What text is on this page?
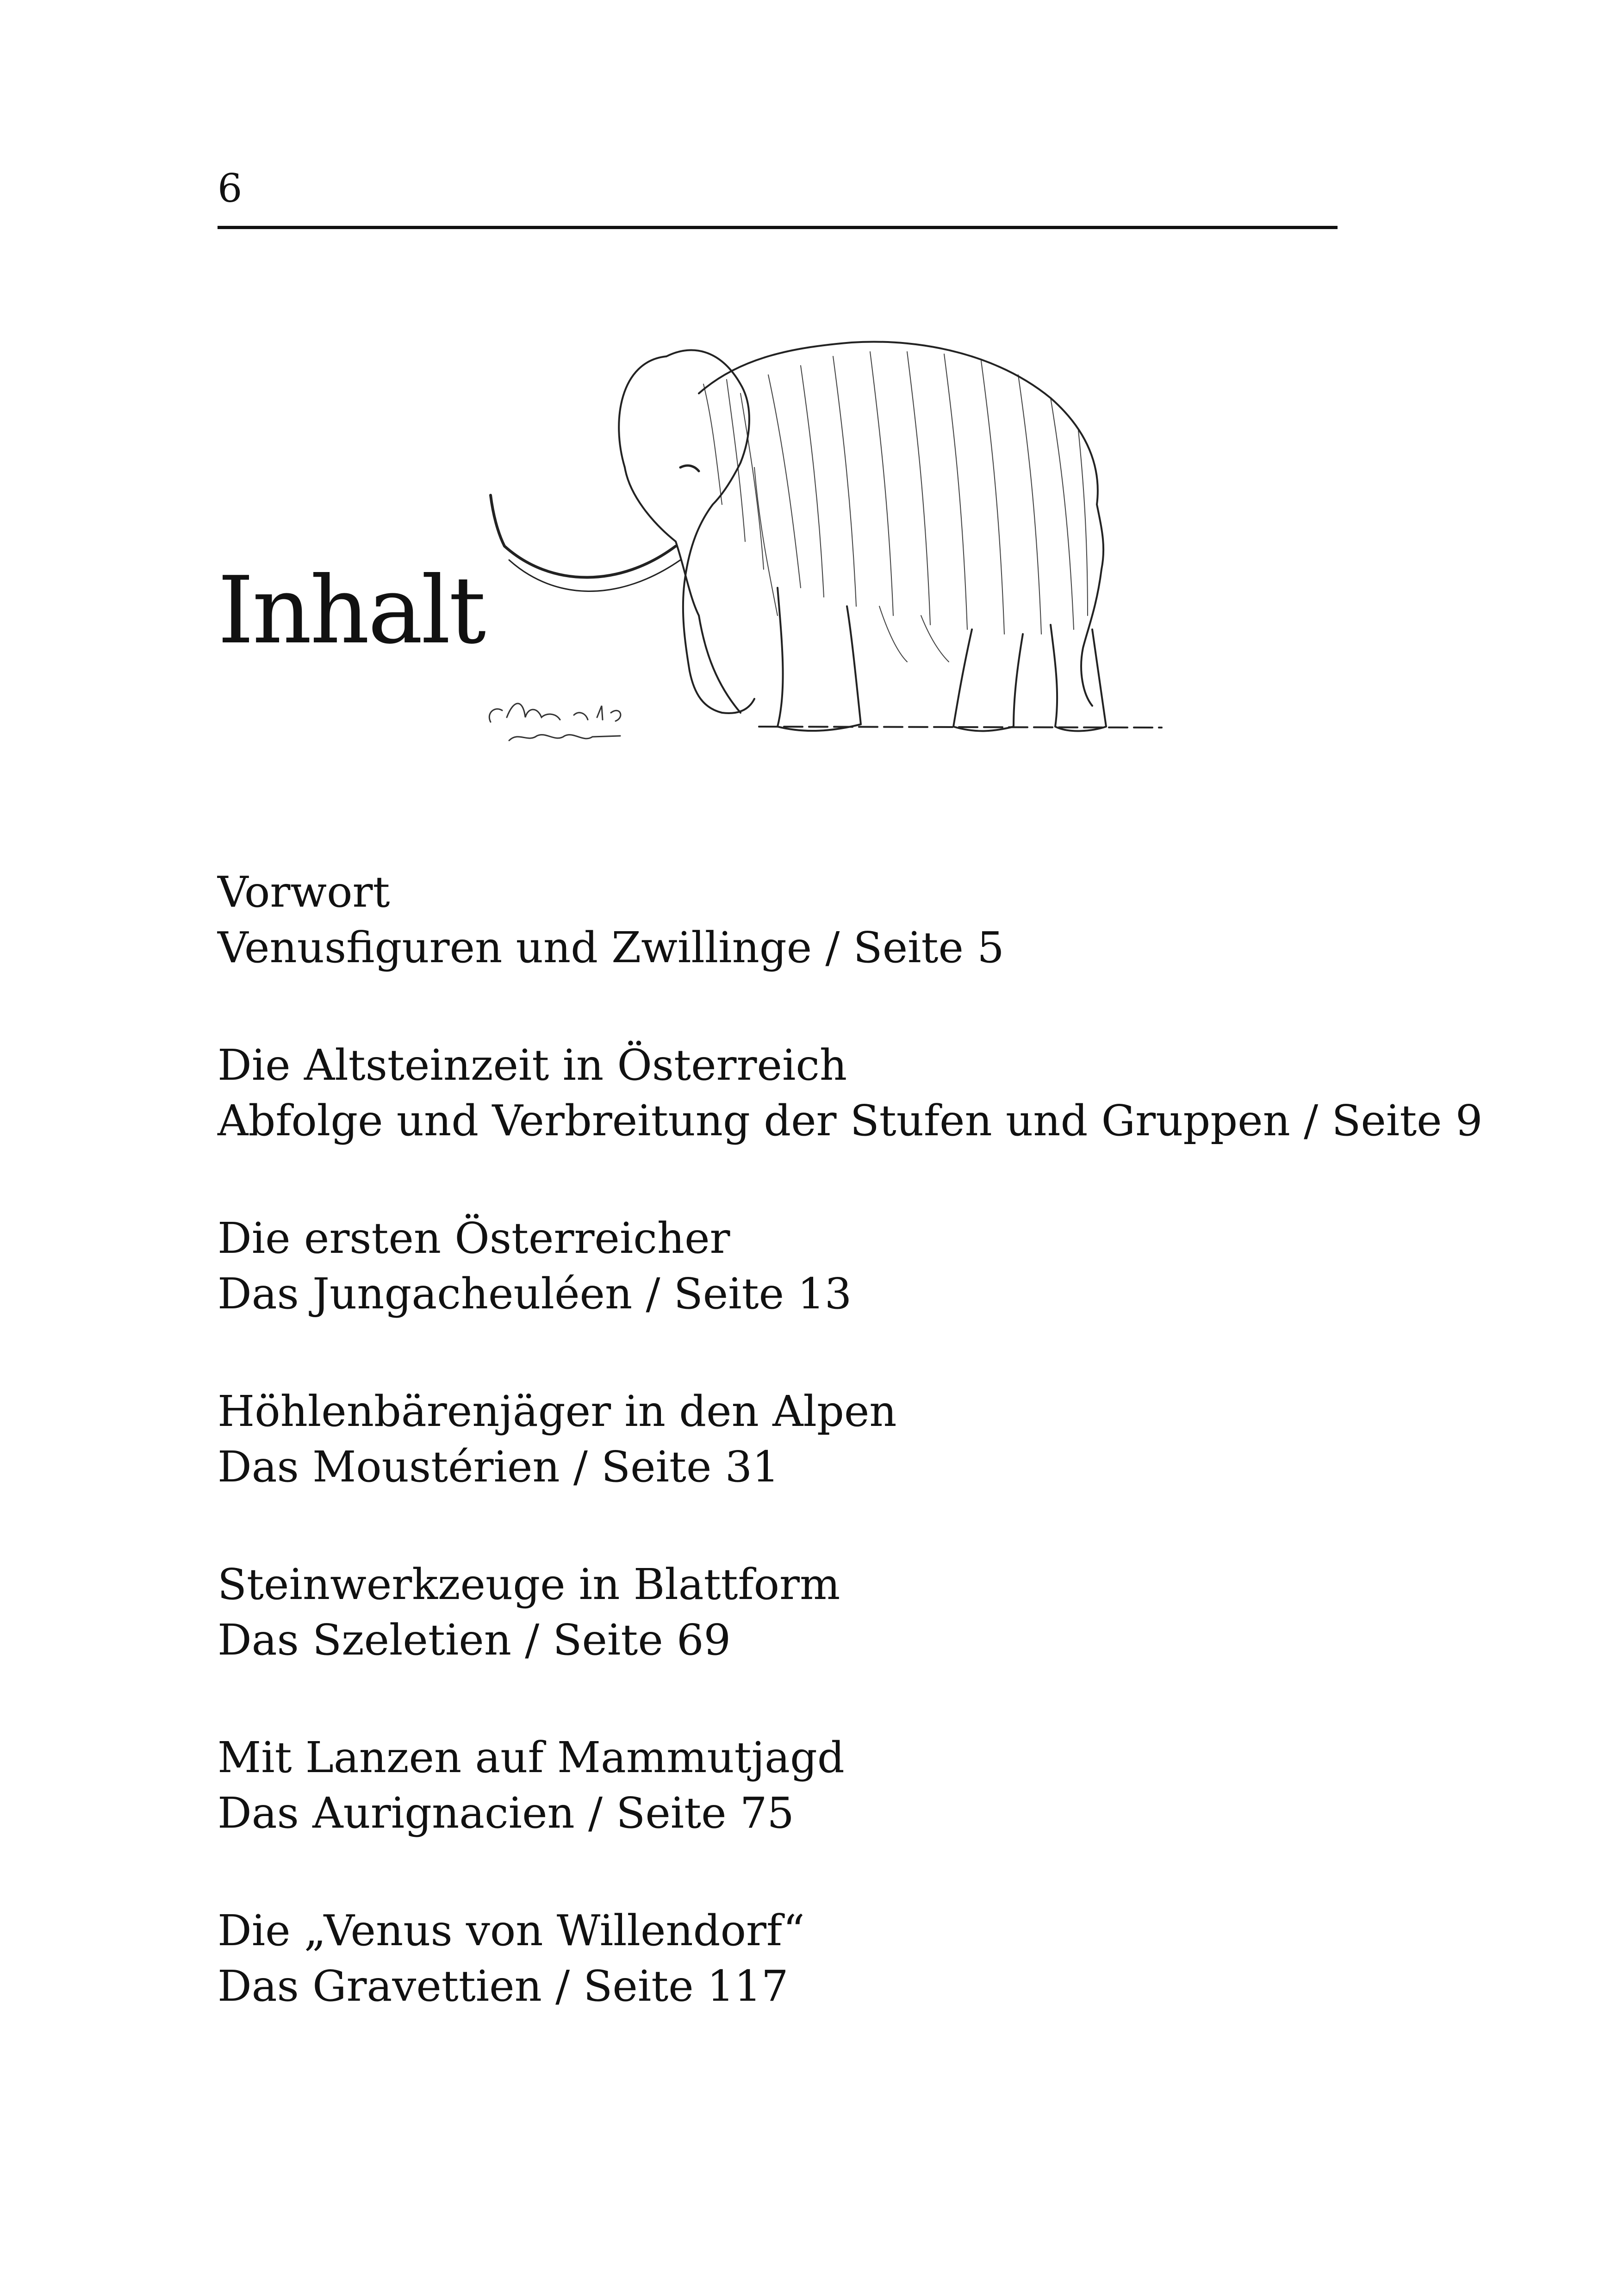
6
Inhalt
Vorwort
Venusfiguren und Zwillinge / Seite 5
Die Altsteinzeit in Österreich
Abfolge und Verbreitung der Stufen und Gruppen / Seite 9
Die ersten Österreicher
Das Jungacheuléen / Seite 13
Höhlenbärenjäger in den Alpen
Das Moustérien / Seite 31
Steinwerkzeuge in Blattform
Das Szeletien / Seite 69
Mit Lanzen auf Mammutjagd
Das Aurignacien / Seite 75
Die „Venus von Willendorf“
Das Gravettien / Seite 117
